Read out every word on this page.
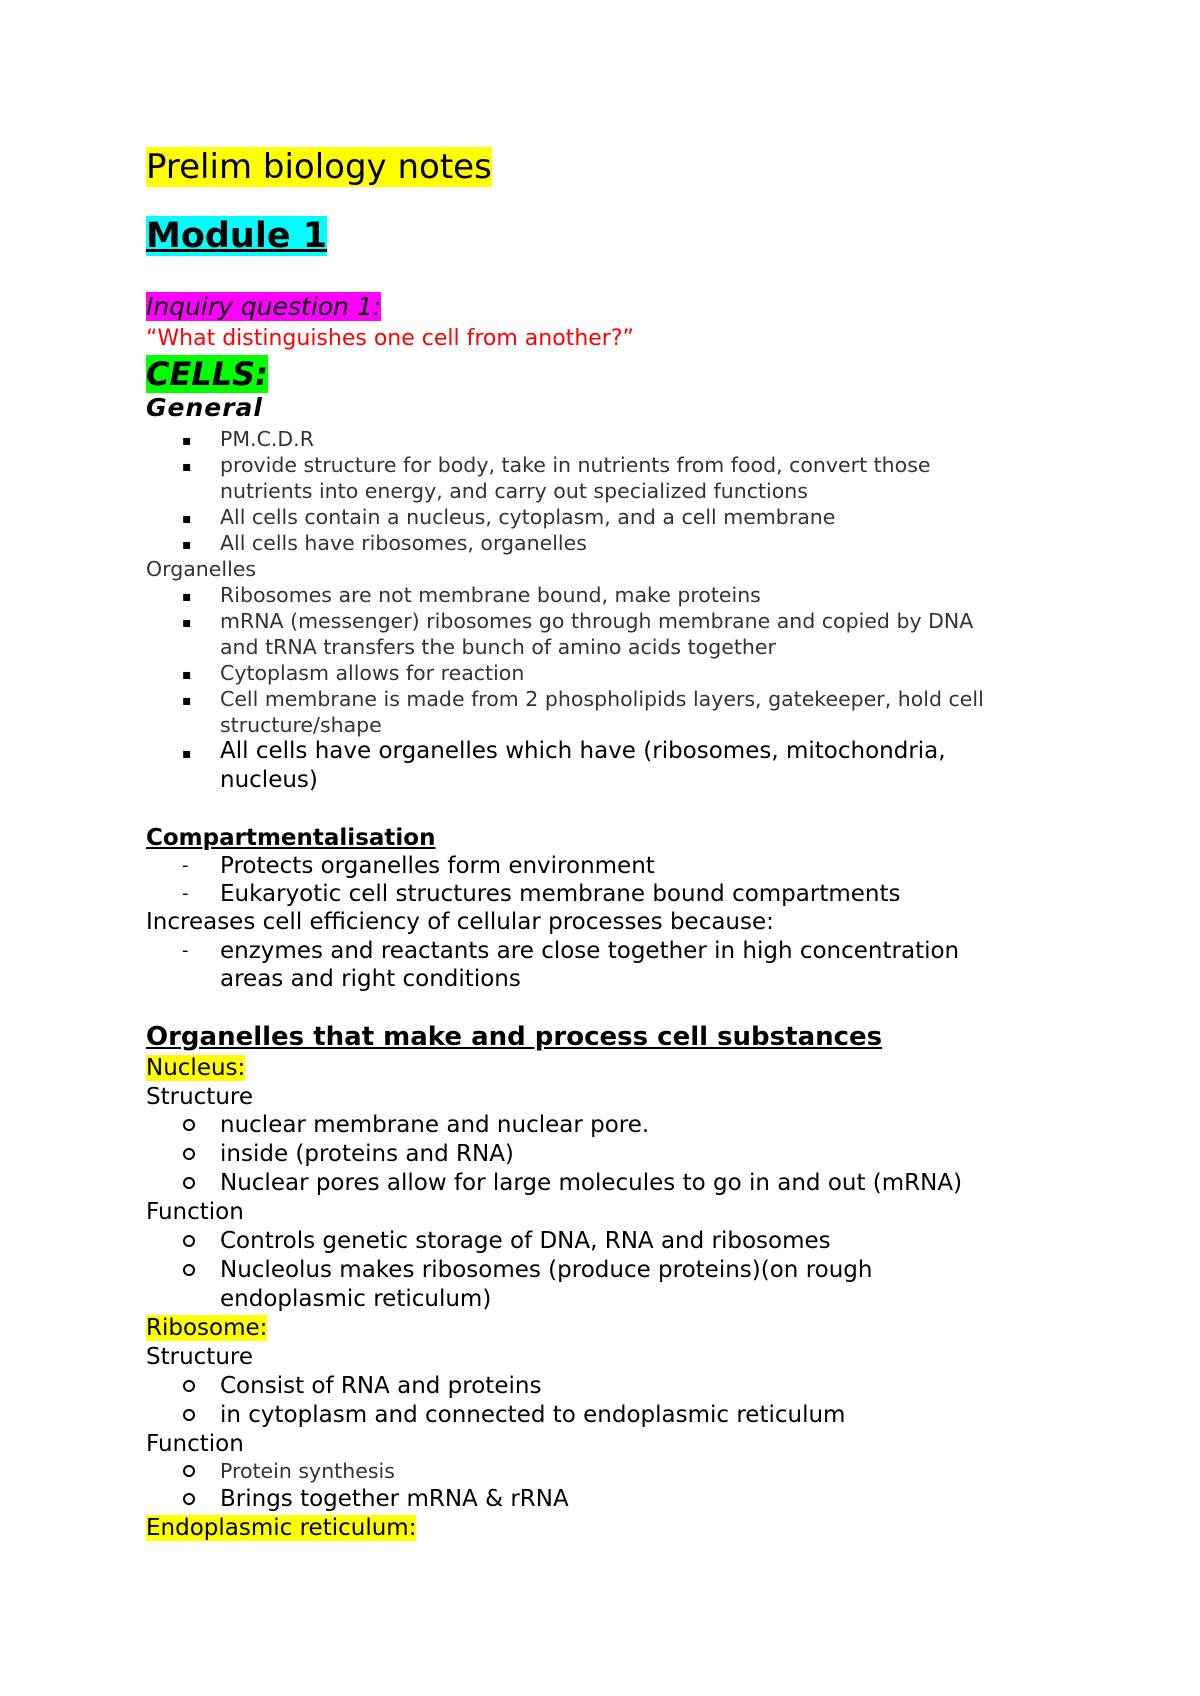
Prelim biology notes
Module 1
Inquiry question 1:
“What distinguishes one cell from another?”
CELLS:
General
▪ PM.C.D.R
▪ provide structure for body, take in nutrients from food, convert those
nutrients into energy, and carry out specialized functions
▪ All cells contain a nucleus, cytoplasm, and a cell membrane
▪ All cells have ribosomes, organelles
Organelles
▪ Ribosomes are not membrane bound, make proteins
▪ mRNA (messenger) ribosomes go through membrane and copied by DNA
and tRNA transfers the bunch of amino acids together
▪ Cytoplasm allows for reaction
▪ Cell membrane is made from 2 phospholipids layers, gatekeeper, hold cell
structure/shape
▪ All cells have organelles which have (ribosomes, mitochondria,
nucleus)
Compartmentalisation
- Protects organelles form environment
- Eukaryotic cell structures membrane bound compartments
Increases cell efficiency of cellular processes because:
- enzymes and reactants are close together in high concentration
areas and right conditions
Organelles that make and process cell substances
Nucleus:
Structure
nuclear membrane and nuclear pore.
inside (proteins and RNA)
Nuclear pores allow for large molecules to go in and out (mRNA)
Function
Controls genetic storage of DNA, RNA and ribosomes
Nucleolus makes ribosomes (produce proteins)(on rough
endoplasmic reticulum)
Ribosome:
Structure
Consist of RNA and proteins
in cytoplasm and connected to endoplasmic reticulum
Function
Protein synthesis
Brings together mRNA & rRNA
Endoplasmic reticulum:
